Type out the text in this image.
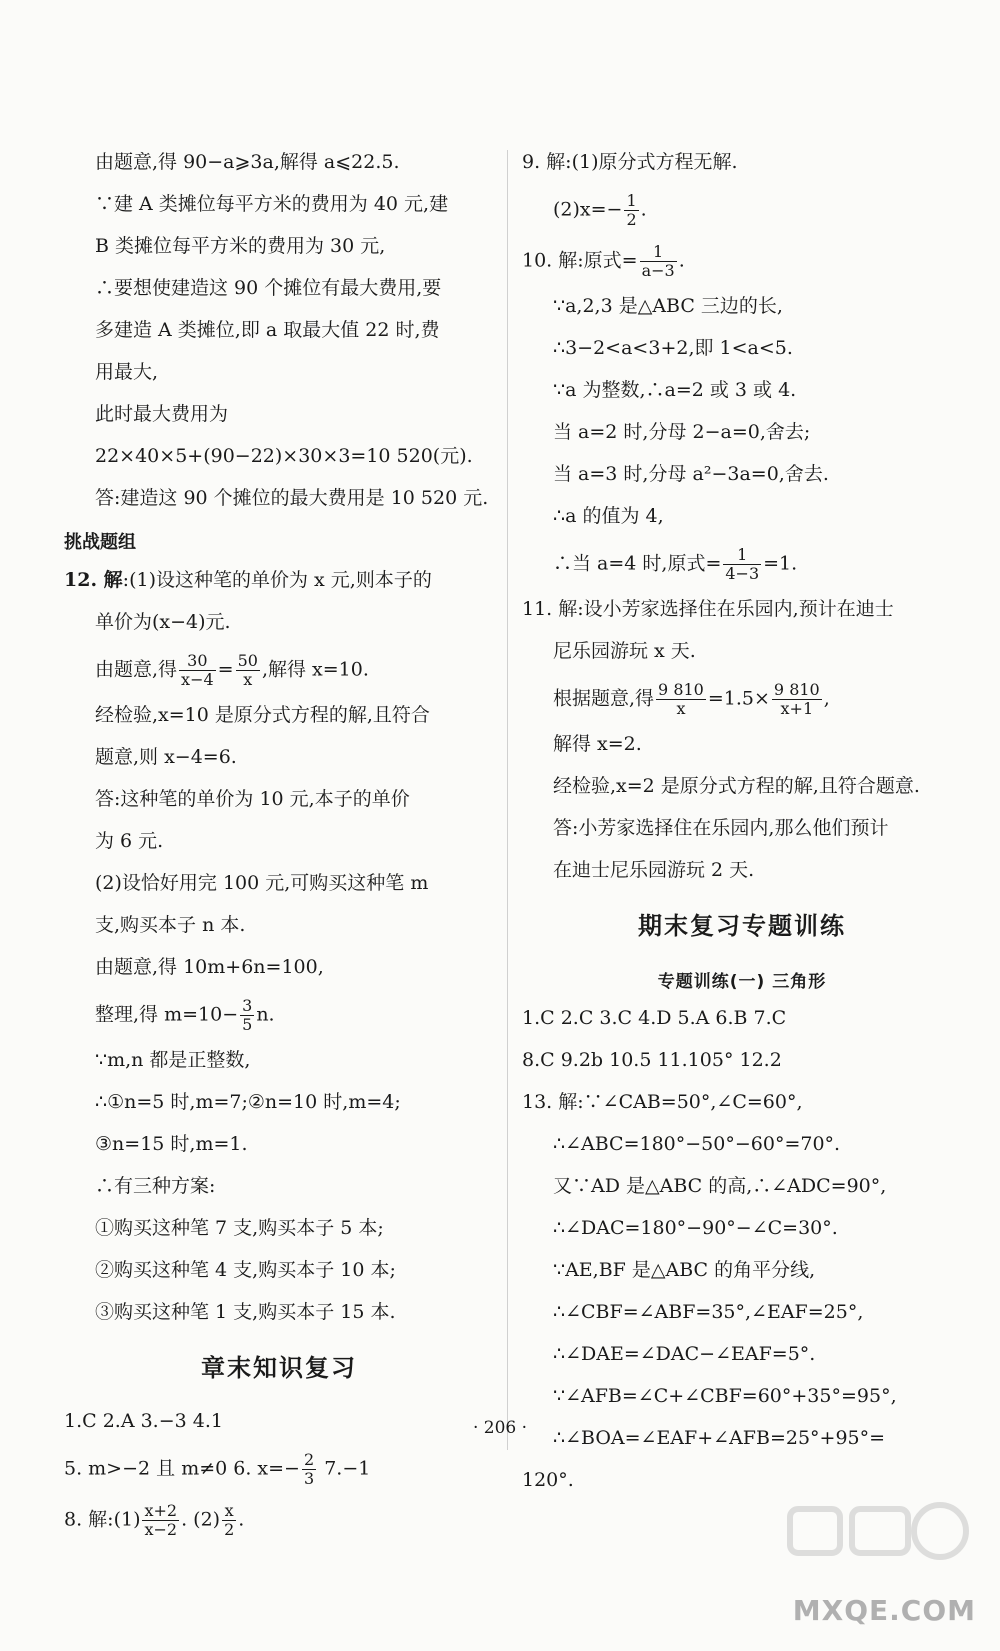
由题意,得 90−a⩾3a,解得 a⩽22.5.
∵建 A 类摊位每平方米的费用为 40 元,建
B 类摊位每平方米的费用为 30 元,
∴要想使建造这 90 个摊位有最大费用,要
多建造 A 类摊位,即 a 取最大值 22 时,费
用最大,
此时最大费用为
22×40×5+(90−22)×30×3=10 520(元).
答:建造这 90 个摊位的最大费用是 10 520 元.
挑战题组
12. 解:(1)设这种笔的单价为 x 元,则本子的
单价为(x−4)元.
由题意,得 $\frac{30}{x-4} = \frac{50}{x}$ ,解得 x=10.
经检验,x=10 是原分式方程的解,且符合
题意,则 x−4=6.
答:这种笔的单价为 10 元,本子的单价
为 6 元.
(2)设恰好用完 100 元,可购买这种笔 m
支,购买本子 n 本.
由题意,得 10m+6n=100,
整理,得 $m=10- \frac{3}{5} n$.
∵m,n 都是正整数,
∴①n=5 时,m=7;②n=10 时,m=4;
③n=15 时,m=1.
∴有三种方案:
①购买这种笔 7 支,购买本子 5 本;
②购买这种笔 4 支,购买本子 10 本;
③购买这种笔 1 支,购买本子 15 本.
章末知识复习
1.C 2.A 3.−3 4.1
5. m>−2 且 m≠0 6. $x=- \frac{2}{3} 7.-1$
8. 解:(1) $\frac{x+2}{x-2}$ . $(2) \frac{x}{2}$ .
9. 解:(1)原分式方程无解.
$(2)x=- \frac{1}{2}$ .
10. 解:原式= $\frac{1}{a-3}$ .
∵a,2,3 是△ABC 三边的长,
∴3−2<a<3+2,即 1<a<5.
∵a 为整数,∴a=2 或 3 或 4.
当 a=2 时,分母 2−a=0,舍去;
当 a=3 时,分母 a²−3a=0,舍去.
∴a 的值为 4,
∴当 a=4 时,原式= $\frac{1}{4-3} =1$.
11. 解:设小芳家选择住在乐园内,预计在迪士
尼乐园游玩 x 天.
根据题意,得 $\frac{9 810}{x} =1.5\times \frac{9 810}{x+1}$ ,
解得 x=2.
经检验,x=2 是原分式方程的解,且符合题意.
答:小芳家选择住在乐园内,那么他们预计
在迪士尼乐园游玩 2 天.
期末复习专题训练
专题训练(一) 三角形
1.C 2.C 3.C 4.D 5.A 6.B 7.C
8.C 9.2b 10.5 11.105° 12.2
13. 解:∵∠CAB=50°,∠C=60°,
∴∠ABC=180°−50°−60°=70°.
又∵AD 是△ABC 的高,∴∠ADC=90°,
∴∠DAC=180°−90°−∠C=30°.
∵AE,BF 是△ABC 的角平分线,
∴∠CBF=∠ABF=35°,∠EAF=25°,
∴∠DAE=∠DAC−∠EAF=5°.
∵∠AFB=∠C+∠CBF=60°+35°=95°,
∴∠BOA=∠EAF+∠AFB=25°+95°=
120°.
· 206 ·
MXQE.COM
